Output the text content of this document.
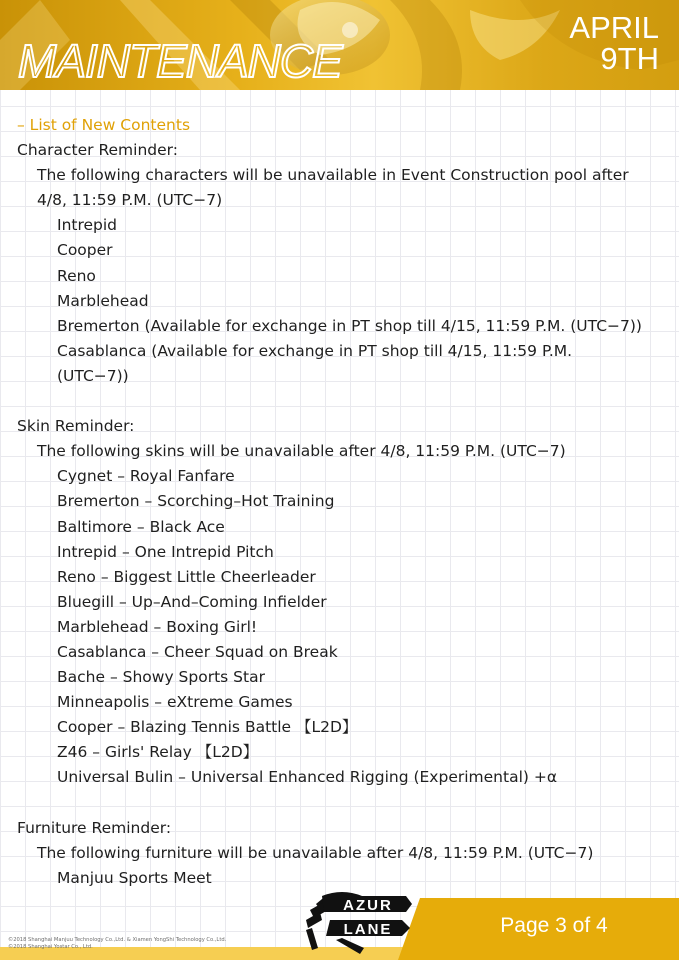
MAINTENANCE
APRIL
9TH
– List of New Contents
Character Reminder:
The following characters will be unavailable in Event Construction pool after
4/8, 11:59 P.M. (UTC−7)
Intrepid
Cooper
Reno
Marblehead
Bremerton (Available for exchange in PT shop till 4/15, 11:59 P.M. (UTC−7))
Casablanca (Available for exchange in PT shop till 4/15, 11:59 P.M.
(UTC−7))
Skin Reminder:
The following skins will be unavailable after 4/8, 11:59 P.M. (UTC−7)
Cygnet – Royal Fanfare
Bremerton – Scorching–Hot Training
Baltimore – Black Ace
Intrepid – One Intrepid Pitch
Reno – Biggest Little Cheerleader
Bluegill – Up–And–Coming Infielder
Marblehead – Boxing Girl!
Casablanca – Cheer Squad on Break
Bache – Showy Sports Star
Minneapolis – eXtreme Games
Cooper – Blazing Tennis Battle 【L2D】
Z46 – Girls' Relay 【L2D】
Universal Bulin – Universal Enhanced Rigging (Experimental) +α
Furniture Reminder:
The following furniture will be unavailable after 4/8, 11:59 P.M. (UTC−7)
Manjuu Sports Meet
Page 3 of 4
©2018 Shanghai Manjuu Technology Co.,Ltd. & Xiamen YongShi Technology Co.,Ltd.
©2018 Shanghai Yostar Co., Ltd.
AZUR
LANE
